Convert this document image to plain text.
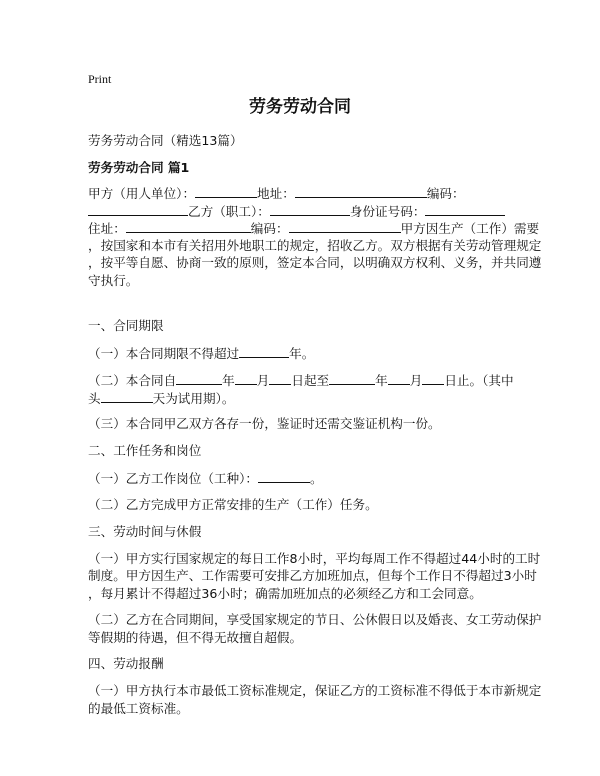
Print
劳务劳动合同
劳务劳动合同（精选13篇）
劳务劳动合同 篇1
甲方（用人单位）：	地址：	编码：
乙方（职工）：	身份证号码：
住址：	编码：	甲方因生产（工作）需要
，按国家和本市有关招用外地职工的规定，招收乙方。双方根据有关劳动管理规定
，按平等自愿、协商一致的原则，签定本合同，以明确双方权利、义务，并共同遵
守执行。
一、合同期限
（一）本合同期限不得超过	年。
（二）本合同自	年 月 日起至	年 月 日止。（其中
头	天为试用期）。
（三）本合同甲乙双方各存一份，鉴证时还需交鉴证机构一份。
二、工作任务和岗位
（一）乙方工作岗位（工种）：	。
（二）乙方完成甲方正常安排的生产（工作）任务。
三、劳动时间与休假
（一）甲方实行国家规定的每日工作8小时，平均每周工作不得超过44小时的工时
制度。甲方因生产、工作需要可安排乙方加班加点，但每个工作日不得超过3小时
，每月累计不得超过36小时；确需加班加点的必须经乙方和工会同意。
（二）乙方在合同期间，享受国家规定的节日、公休假日以及婚丧、女工劳动保护
等假期的待遇，但不得无故擅自超假。
四、劳动报酬
（一）甲方执行本市最低工资标准规定，保证乙方的工资标准不得低于本市新规定
的最低工资标准。
